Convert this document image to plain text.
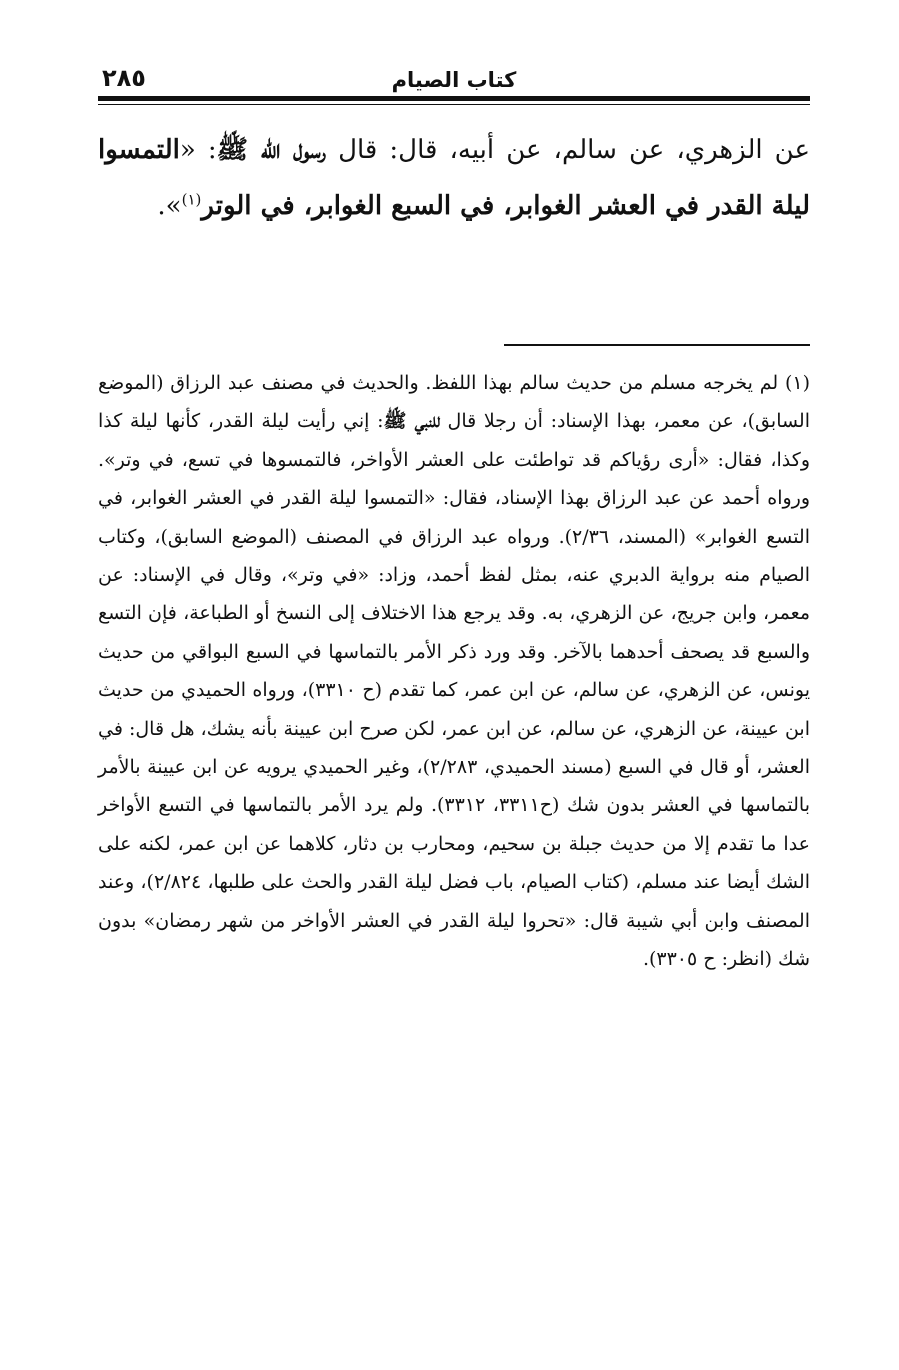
كتاب الصيام
٢٨٥
عن الزهري، عن سالم، عن أبيه، قال: قال رسول الله ﷺ: «التمسوا ليلة القدر في العشر الغوابر، في السبع الغوابر، في الوتر$^{(١)}$».
(١) لم يخرجه مسلم من حديث سالم بهذا اللفظ. والحديث في مصنف عبد الرزاق (الموضع السابق)، عن معمر، بهذا الإسناد: أن رجلا قال للنبي ﷺ: إني رأيت ليلة القدر، كأنها ليلة كذا وكذا، فقال: «أرى رؤياكم قد تواطئت على العشر الأواخر، فالتمسوها في تسع، في وتر». ورواه أحمد عن عبد الرزاق بهذا الإسناد، فقال: «التمسوا ليلة القدر في العشر الغوابر، في التسع الغوابر» (المسند، ٢/٣٦). ورواه عبد الرزاق في المصنف (الموضع السابق)، وكتاب الصيام منه برواية الدبري عنه، بمثل لفظ أحمد، وزاد: «في وتر»، وقال في الإسناد: عن معمر، وابن جريج، عن الزهري، به. وقد يرجع هذا الاختلاف إلى النسخ أو الطباعة، فإن التسع والسبع قد يصحف أحدهما بالآخر. وقد ورد ذكر الأمر بالتماسها في السبع البواقي من حديث يونس، عن الزهري، عن سالم، عن ابن عمر، كما تقدم (ح ٣٣١٠)، ورواه الحميدي من حديث ابن عيينة، عن الزهري، عن سالم، عن ابن عمر، لكن صرح ابن عيينة بأنه يشك، هل قال: في العشر، أو قال في السبع (مسند الحميدي، ٢/٢٨٣)، وغير الحميدي يرويه عن ابن عيينة بالأمر بالتماسها في العشر بدون شك (ح٣٣١١، ٣٣١٢). ولم يرد الأمر بالتماسها في التسع الأواخر عدا ما تقدم إلا من حديث جبلة بن سحيم، ومحارب بن دثار، كلاهما عن ابن عمر، لكنه على الشك أيضا عند مسلم، (كتاب الصيام، باب فضل ليلة القدر والحث على طلبها، ٢/٨٢٤)، وعند المصنف وابن أبي شيبة قال: «تحروا ليلة القدر في العشر الأواخر من شهر رمضان» بدون شك (انظر: ح ٣٣٠٥).
